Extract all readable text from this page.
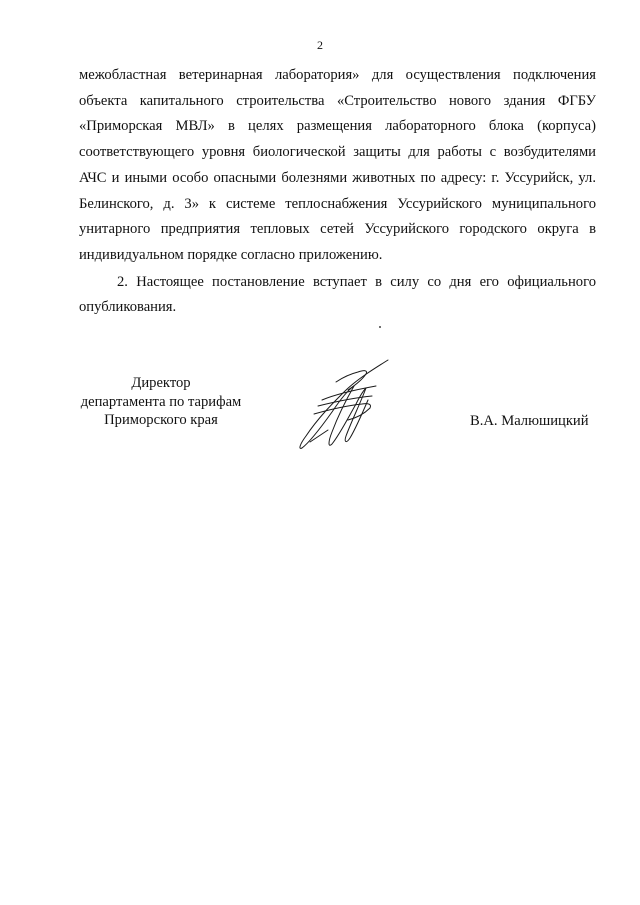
2

межобластная ветеринарная лаборатория» для осуществления подключения объекта капитального строительства «Строительство нового здания ФГБУ «Приморская МВЛ» в целях размещения лабораторного блока (корпуса) соответствующего уровня биологической защиты для работы с возбудителями АЧС и иными особо опасными болезнями животных по адресу: г. Уссурийск, ул. Белинского, д. 3» к системе теплоснабжения Уссурийского муниципального унитарного предприятия тепловых сетей Уссурийского городского округа в индивидуальном порядке согласно приложению.

2. Настоящее постановление вступает в силу со дня его официального опубликования.

Директор
департамента по тарифам
Приморского края	В.А. Малюшицкий
